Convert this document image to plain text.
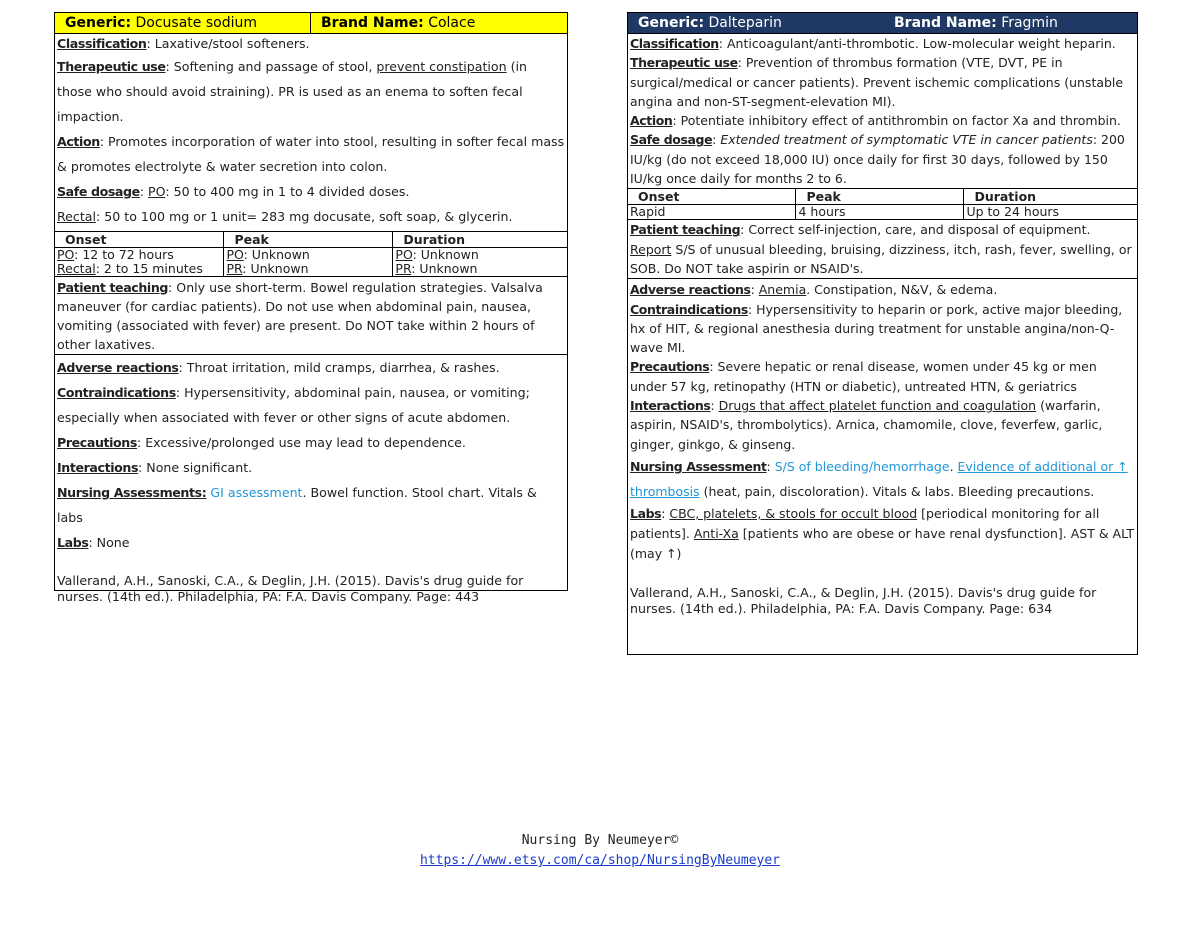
Generic: Docusate sodium	Brand Name: Colace
Classification: Laxative/stool softeners.
Therapeutic use: Softening and passage of stool, prevent constipation (in those who should avoid straining). PR is used as an enema to soften fecal impaction.
Action: Promotes incorporation of water into stool, resulting in softer fecal mass & promotes electrolyte & water secretion into colon.
Safe dosage: PO: 50 to 400 mg in 1 to 4 divided doses.
Rectal: 50 to 100 mg or 1 unit= 283 mg docusate, soft soap, & glycerin.
Onset	Peak	Duration
PO: 12 to 72 hours	PO: Unknown	PO: Unknown
Rectal: 2 to 15 minutes	PR: Unknown	PR: Unknown
Patient teaching: Only use short-term. Bowel regulation strategies. Valsalva maneuver (for cardiac patients). Do not use when abdominal pain, nausea, vomiting (associated with fever) are present. Do NOT take within 2 hours of other laxatives.
Adverse reactions: Throat irritation, mild cramps, diarrhea, & rashes.
Contraindications: Hypersensitivity, abdominal pain, nausea, or vomiting; especially when associated with fever or other signs of acute abdomen.
Precautions: Excessive/prolonged use may lead to dependence.
Interactions: None significant.
Nursing Assessments: GI assessment. Bowel function. Stool chart. Vitals & labs
Labs: None
Vallerand, A.H., Sanoski, C.A., & Deglin, J.H. (2015). Davis's drug guide for nurses. (14th ed.). Philadelphia, PA: F.A. Davis Company. Page: 443
Generic: Dalteparin	Brand Name: Fragmin
Classification: Anticoagulant/anti-thrombotic. Low-molecular weight heparin.
Therapeutic use: Prevention of thrombus formation (VTE, DVT, PE in surgical/medical or cancer patients). Prevent ischemic complications (unstable angina and non-ST-segment-elevation MI).
Action: Potentiate inhibitory effect of antithrombin on factor Xa and thrombin.
Safe dosage: Extended treatment of symptomatic VTE in cancer patients: 200 IU/kg (do not exceed 18,000 IU) once daily for first 30 days, followed by 150 IU/kg once daily for months 2 to 6.
Onset	Peak	Duration
Rapid	4 hours	Up to 24 hours
Patient teaching: Correct self-injection, care, and disposal of equipment. Report S/S of unusual bleeding, bruising, dizziness, itch, rash, fever, swelling, or SOB. Do NOT take aspirin or NSAID's.
Adverse reactions: Anemia. Constipation, N&V, & edema.
Contraindications: Hypersensitivity to heparin or pork, active major bleeding, hx of HIT, & regional anesthesia during treatment for unstable angina/non-Q-wave MI.
Precautions: Severe hepatic or renal disease, women under 45 kg or men under 57 kg, retinopathy (HTN or diabetic), untreated HTN, & geriatrics
Interactions: Drugs that affect platelet function and coagulation (warfarin, aspirin, NSAID's, thrombolytics). Arnica, chamomile, clove, feverfew, garlic, ginger, ginkgo, & ginseng.
Nursing Assessment: S/S of bleeding/hemorrhage. Evidence of additional or ↑ thrombosis (heat, pain, discoloration). Vitals & labs. Bleeding precautions.
Labs: CBC, platelets, & stools for occult blood [periodical monitoring for all patients]. Anti-Xa [patients who are obese or have renal dysfunction]. AST & ALT (may ↑)
Vallerand, A.H., Sanoski, C.A., & Deglin, J.H. (2015). Davis's drug guide for nurses. (14th ed.). Philadelphia, PA: F.A. Davis Company. Page: 634
Nursing By Neumeyer©
https://www.etsy.com/ca/shop/NursingByNeumeyer
